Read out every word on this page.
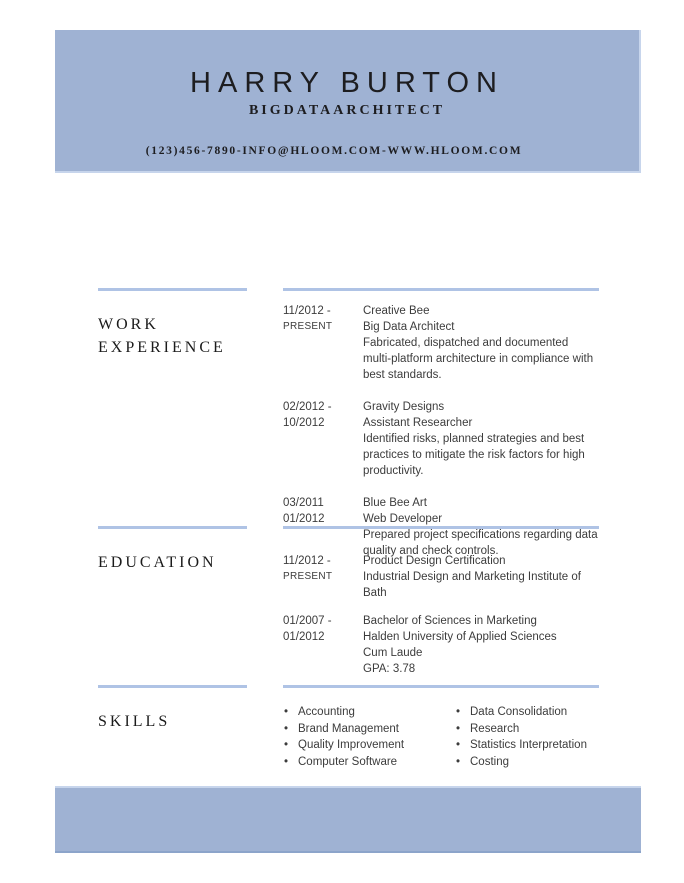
HARRY BURTON
BIGDATAARCHITECT
(123)456-7890-INFO@HLOOM.COM-WWW.HLOOM.COM
WORK EXPERIENCE
11/2012 -
PRESENT
Creative Bee
Big Data Architect
Fabricated, dispatched and documented multi-platform architecture in compliance with best standards.
02/2012 -
10/2012
Gravity Designs
Assistant Researcher
Identified risks, planned strategies and best practices to mitigate the risk factors for high productivity.
03/2011
01/2012
Blue Bee Art
Web Developer
Prepared project specifications regarding data quality and check controls.
EDUCATION	11/2012 -
PRESENT
Product Design Certification
Industrial Design and Marketing Institute of Bath
01/2007 -
01/2012
Bachelor of Sciences in Marketing
Halden University of Applied Sciences
Cum Laude
GPA: 3.78
SKILLS
• Accounting
• Brand Management
• Quality Improvement
• Computer Software
• Data Consolidation
• Research
• Statistics Interpretation
• Costing
